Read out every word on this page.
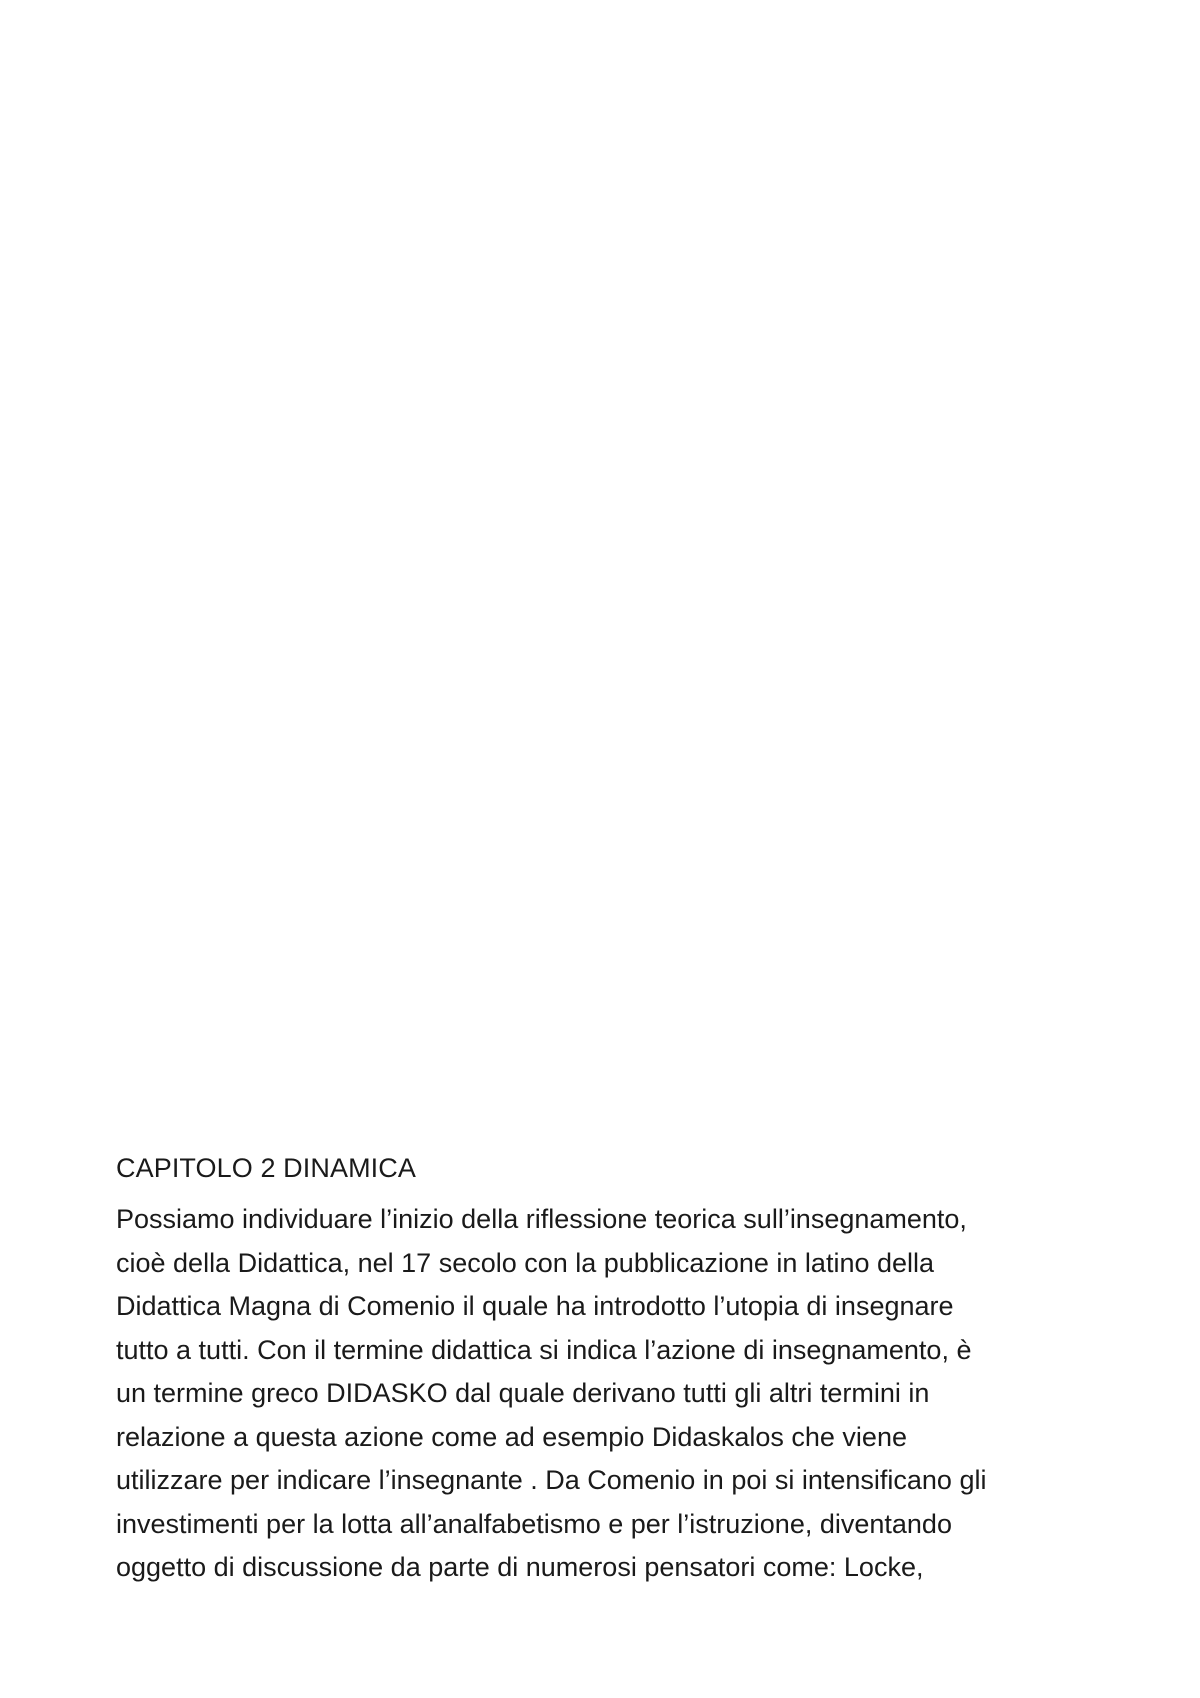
CAPITOLO 2 DINAMICA
Possiamo individuare l’inizio della riflessione teorica sull’insegnamento,
cioè della Didattica, nel 17 secolo con la pubblicazione in latino della
Didattica Magna di Comenio il quale ha introdotto l’utopia di insegnare
tutto a tutti. Con il termine didattica si indica l’azione di insegnamento, è
un termine greco DIDASKO dal quale derivano tutti gli altri termini in
relazione a questa azione come ad esempio Didaskalos che viene
utilizzare per indicare l’insegnante . Da Comenio in poi si intensificano gli
investimenti per la lotta all’analfabetismo e per l’istruzione, diventando
oggetto di discussione da parte di numerosi pensatori come: Locke,
